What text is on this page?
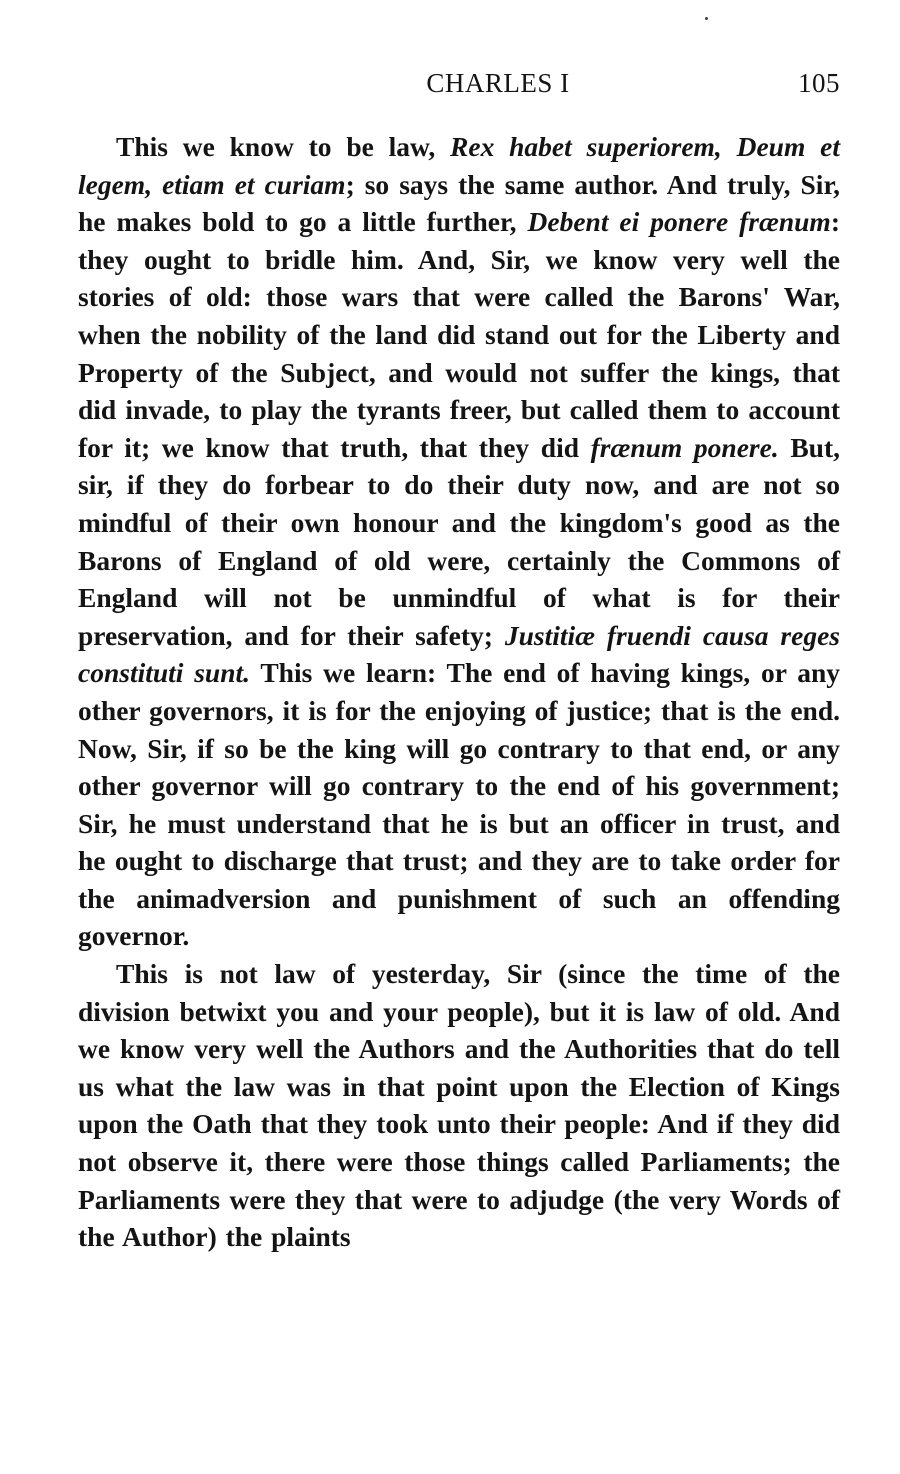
CHARLES I	105

This we know to be law, Rex habet superiorem, Deum et legem, etiam et curiam; so says the same author. And truly, Sir, he makes bold to go a little further, Debent ei ponere frænum: they ought to bridle him. And, Sir, we know very well the stories of old: those wars that were called the Barons' War, when the nobility of the land did stand out for the Liberty and Property of the Subject, and would not suffer the kings, that did invade, to play the tyrants freer, but called them to account for it; we know that truth, that they did frænum ponere. But, sir, if they do forbear to do their duty now, and are not so mindful of their own honour and the kingdom's good as the Barons of England of old were, certainly the Commons of England will not be unmindful of what is for their preservation, and for their safety; Justitiæ fruendi causa reges constituti sunt. This we learn: The end of having kings, or any other governors, it is for the enjoying of justice; that is the end. Now, Sir, if so be the king will go contrary to that end, or any other governor will go contrary to the end of his government; Sir, he must understand that he is but an officer in trust, and he ought to discharge that trust; and they are to take order for the animadversion and punishment of such an offending governor.

This is not law of yesterday, Sir (since the time of the division betwixt you and your people), but it is law of old. And we know very well the Authors and the Authorities that do tell us what the law was in that point upon the Election of Kings upon the Oath that they took unto their people: And if they did not observe it, there were those things called Parliaments; the Parliaments were they that were to adjudge (the very Words of the Author) the plaints
